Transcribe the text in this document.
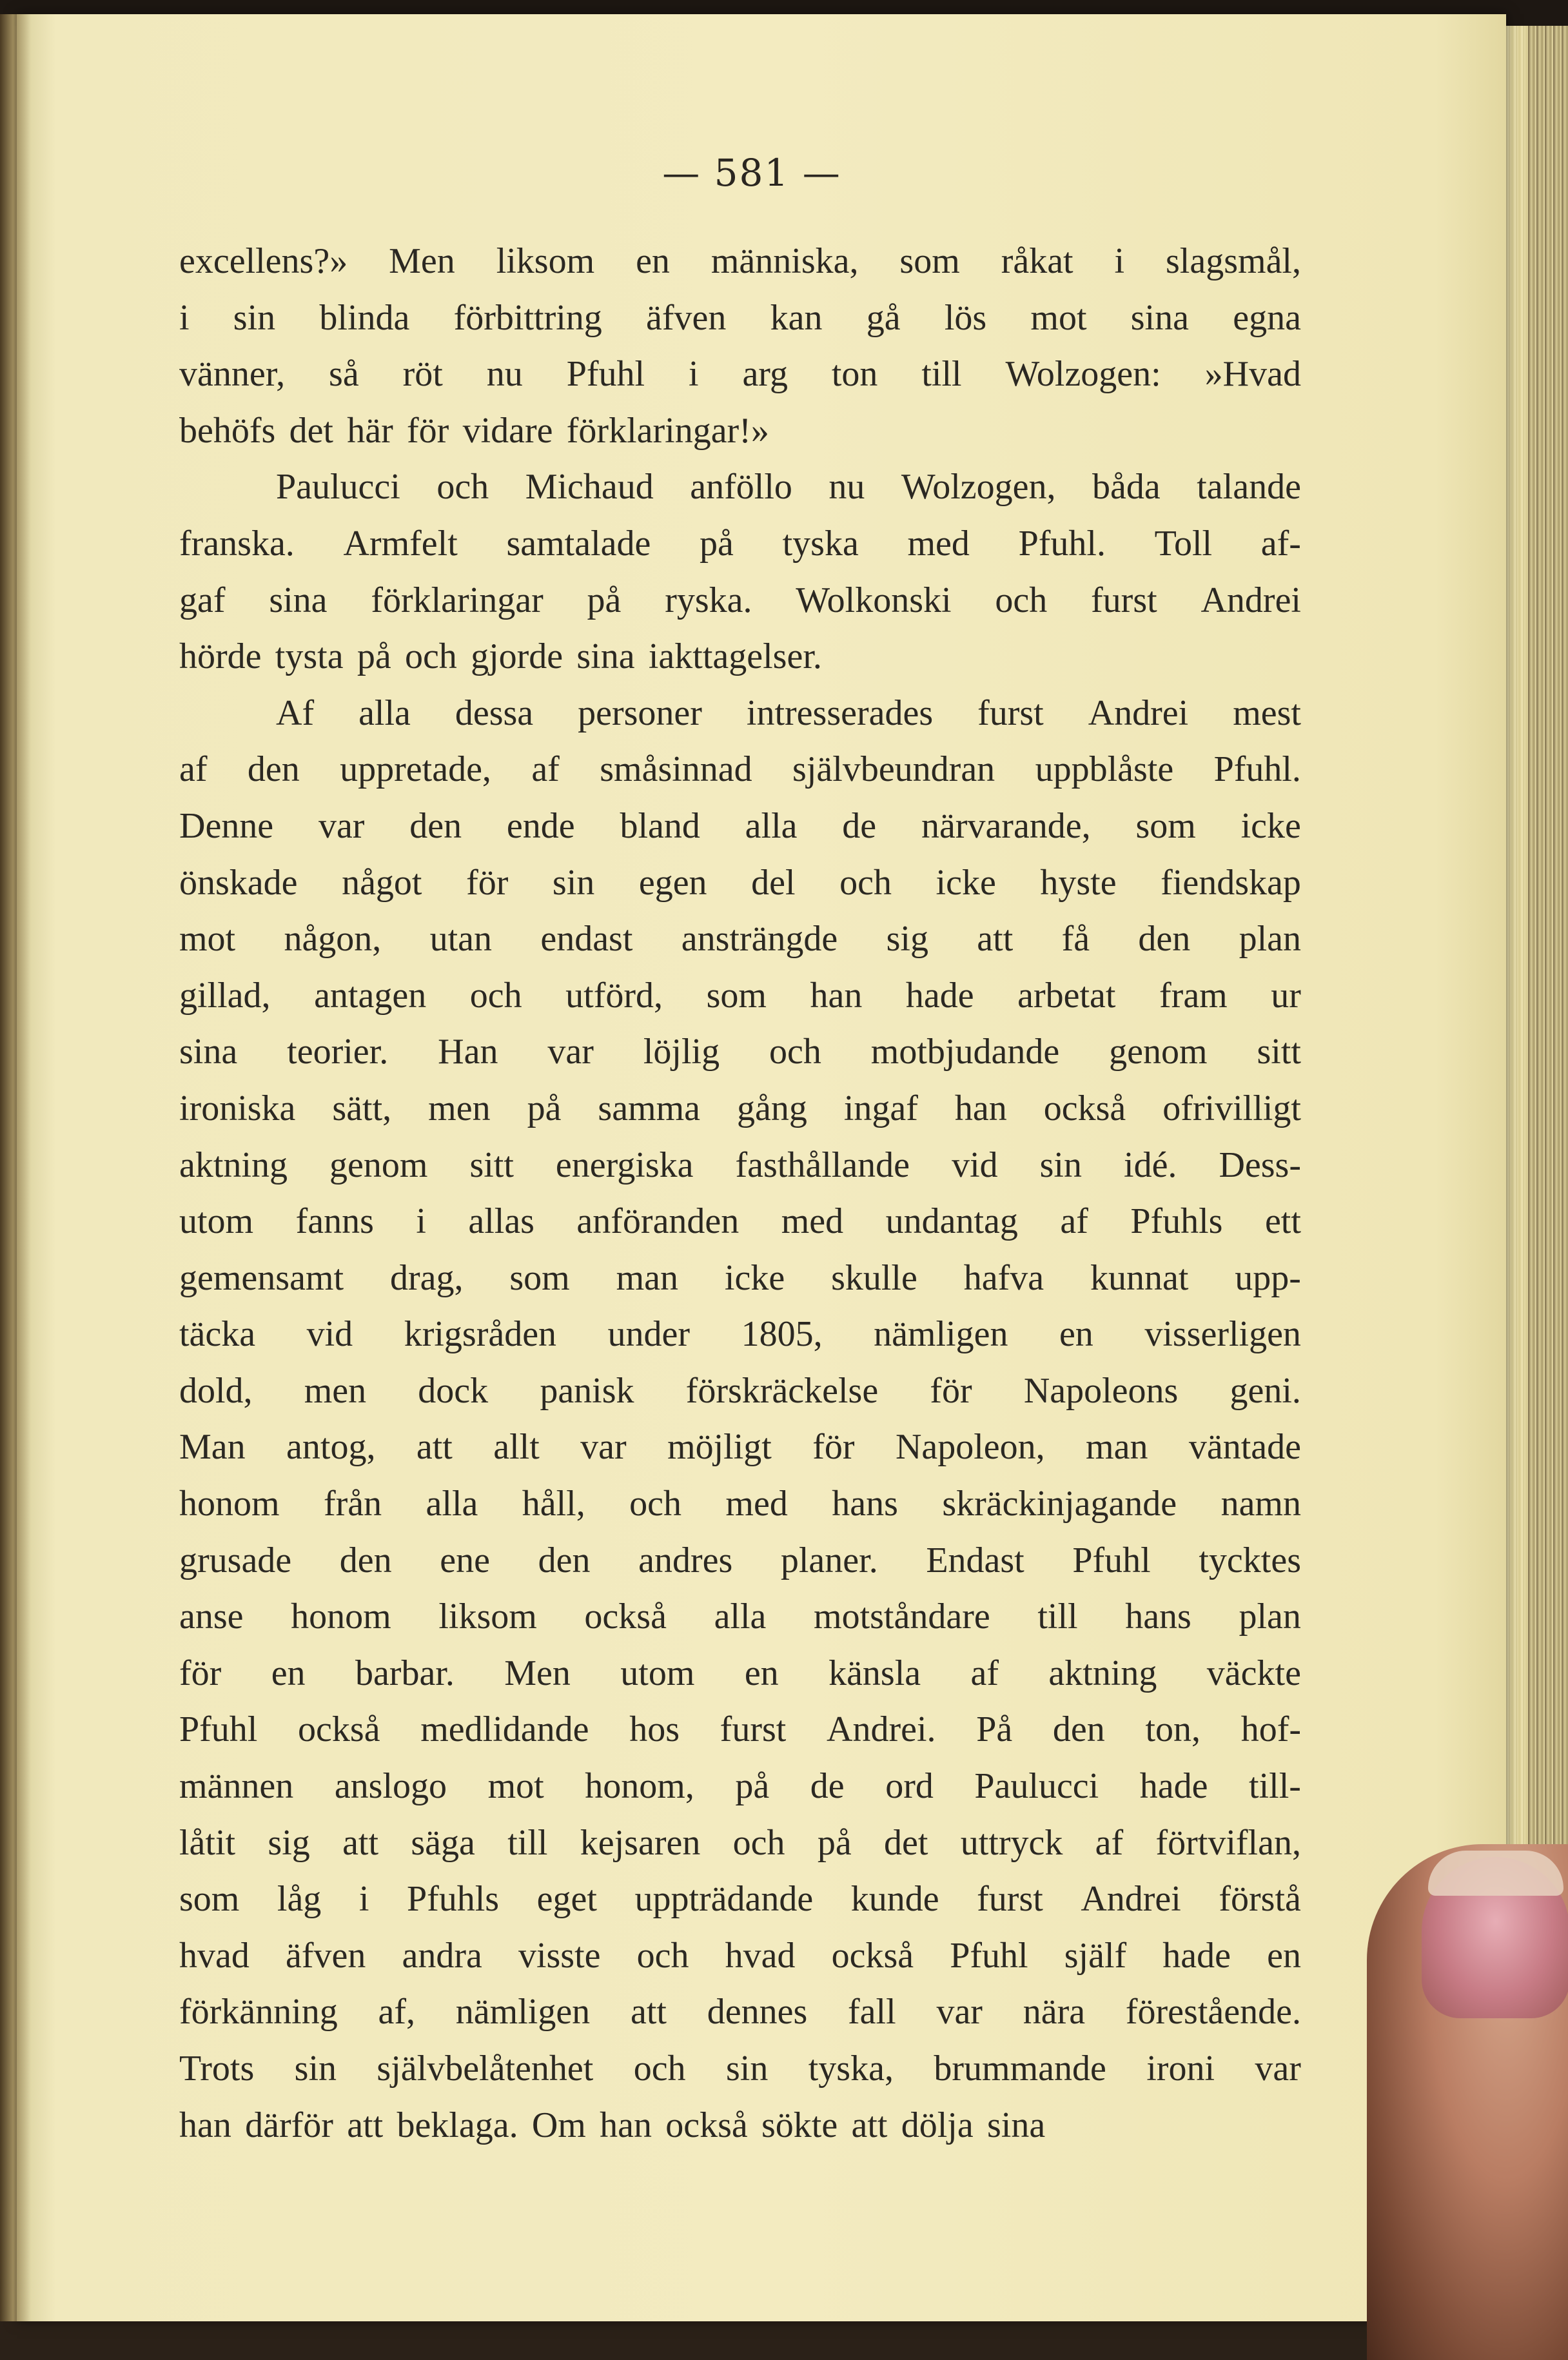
— 581 —
excellens?» Men liksom en människa, som råkat i slagsmål,
i sin blinda förbittring äfven kan gå lös mot sina egna
vänner, så röt nu Pfuhl i arg ton till Wolzogen: »Hvad
behöfs det här för vidare förklaringar!»
Paulucci och Michaud anföllo nu Wolzogen, båda talande
franska. Armfelt samtalade på tyska med Pfuhl. Toll af-
gaf sina förklaringar på ryska. Wolkonski och furst Andrei
hörde tysta på och gjorde sina iakttagelser.
Af alla dessa personer intresserades furst Andrei mest
af den uppretade, af småsinnad självbeundran uppblåste Pfuhl.
Denne var den ende bland alla de närvarande, som icke
önskade något för sin egen del och icke hyste fiendskap
mot någon, utan endast ansträngde sig att få den plan
gillad, antagen och utförd, som han hade arbetat fram ur
sina teorier. Han var löjlig och motbjudande genom sitt
ironiska sätt, men på samma gång ingaf han också ofrivilligt
aktning genom sitt energiska fasthållande vid sin idé. Dess-
utom fanns i allas anföranden med undantag af Pfuhls ett
gemensamt drag, som man icke skulle hafva kunnat upp-
täcka vid krigsråden under 1805, nämligen en visserligen
dold, men dock panisk förskräckelse för Napoleons geni.
Man antog, att allt var möjligt för Napoleon, man väntade
honom från alla håll, och med hans skräckinjagande namn
grusade den ene den andres planer. Endast Pfuhl tycktes
anse honom liksom också alla motståndare till hans plan
för en barbar. Men utom en känsla af aktning väckte
Pfuhl också medlidande hos furst Andrei. På den ton, hof-
männen anslogo mot honom, på de ord Paulucci hade till-
låtit sig att säga till kejsaren och på det uttryck af förtviflan,
som låg i Pfuhls eget uppträdande kunde furst Andrei förstå
hvad äfven andra visste och hvad också Pfuhl själf hade en
förkänning af, nämligen att dennes fall var nära förestående.
Trots sin självbelåtenhet och sin tyska, brummande ironi var
han därför att beklaga. Om han också sökte att dölja sina
